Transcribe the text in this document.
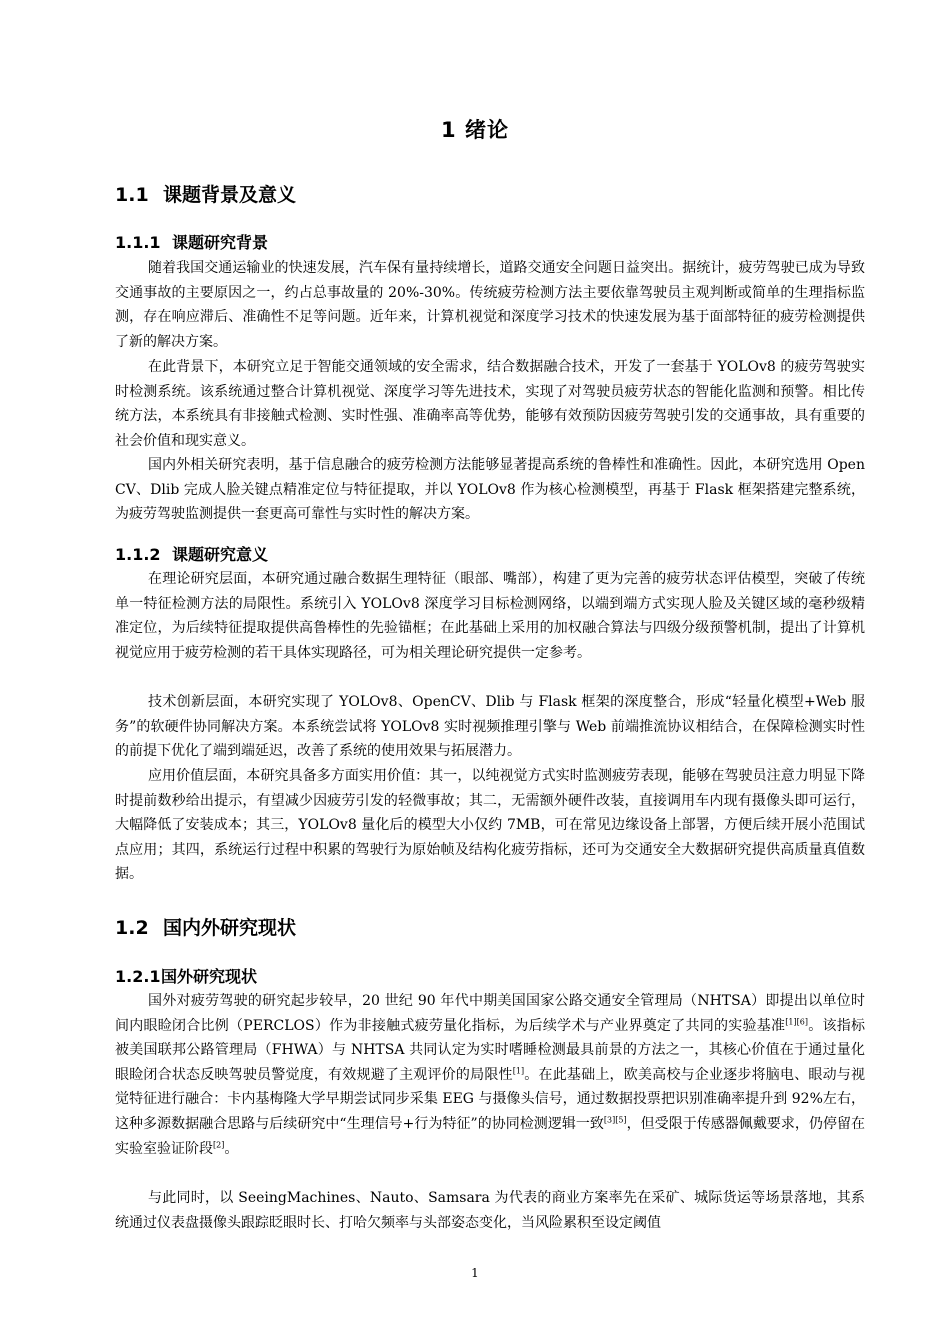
1 绪论
1.1 课题背景及意义
1.1.1 课题研究背景

随着我国交通运输业的快速发展，汽车保有量持续增长，道路交通安全问题日益突出。据统计，疲劳驾驶已成为导致交通事故的主要原因之一，约占总事故量的 20%-30%。传统疲劳检测方法主要依靠驾驶员主观判断或简单的生理指标监测，存在响应滞后、准确性不足等问题。近年来，计算机视觉和深度学习技术的快速发展为基于面部特征的疲劳检测提供了新的解决方案。

在此背景下，本研究立足于智能交通领域的安全需求，结合数据融合技术，开发了一套基于 YOLOv8 的疲劳驾驶实时检测系统。该系统通过整合计算机视觉、深度学习等先进技术，实现了对驾驶员疲劳状态的智能化监测和预警。相比传统方法，本系统具有非接触式检测、实时性强、准确率高等优势，能够有效预防因疲劳驾驶引发的交通事故，具有重要的社会价值和现实意义。

国内外相关研究表明，基于信息融合的疲劳检测方法能够显著提高系统的鲁棒性和准确性。因此，本研究选用 OpenCV、Dlib 完成人脸关键点精准定位与特征提取，并以 YOLOv8 作为核心检测模型，再基于 Flask 框架搭建完整系统，为疲劳驾驶监测提供一套更高可靠性与实时性的解决方案。

1.1.2 课题研究意义

在理论研究层面，本研究通过融合数据生理特征（眼部、嘴部），构建了更为完善的疲劳状态评估模型，突破了传统单一特征检测方法的局限性。系统引入 YOLOv8 深度学习目标检测网络，以端到端方式实现人脸及关键区域的毫秒级精准定位，为后续特征提取提供高鲁棒性的先验锚框；在此基础上采用的加权融合算法与四级分级预警机制，提出了计算机视觉应用于疲劳检测的若干具体实现路径，可为相关理论研究提供一定参考。

技术创新层面，本研究实现了 YOLOv8、OpenCV、Dlib 与 Flask 框架的深度整合，形成“轻量化模型+Web 服务”的软硬件协同解决方案。本系统尝试将 YOLOv8 实时视频推理引擎与 Web 前端推流协议相结合，在保障检测实时性的前提下优化了端到端延迟，改善了系统的使用效果与拓展潜力。

应用价值层面，本研究具备多方面实用价值：其一，以纯视觉方式实时监测疲劳表现，能够在驾驶员注意力明显下降时提前数秒给出提示，有望减少因疲劳引发的轻微事故；其二，无需额外硬件改装，直接调用车内现有摄像头即可运行，大幅降低了安装成本；其三，YOLOv8 量化后的模型大小仅约 7MB，可在常见边缘设备上部署，方便后续开展小范围试点应用；其四，系统运行过程中积累的驾驶行为原始帧及结构化疲劳指标，还可为交通安全大数据研究提供高质量真值数据。

1.2 国内外研究现状
1.2.1国外研究现状

国外对疲劳驾驶的研究起步较早，20 世纪 90 年代中期美国国家公路交通安全管理局（NHTSA）即提出以单位时间内眼睑闭合比例（PERCLOS）作为非接触式疲劳量化指标，为后续学术与产业界奠定了共同的实验基准[1][6]。该指标被美国联邦公路管理局（FHWA）与 NHTSA 共同认定为实时嗜睡检测最具前景的方法之一，其核心价值在于通过量化眼睑闭合状态反映驾驶员警觉度，有效规避了主观评价的局限性[1]。在此基础上，欧美高校与企业逐步将脑电、眼动与视觉特征进行融合：卡内基梅隆大学早期尝试同步采集 EEG 与摄像头信号，通过数据投票把识别准确率提升到 92%左右，这种多源数据融合思路与后续研究中“生理信号+行为特征”的协同检测逻辑一致[3][5]，但受限于传感器佩戴要求，仍停留在实验室验证阶段[2]。

与此同时，以 SeeingMachines、Nauto、Samsara 为代表的商业方案率先在采矿、城际货运等场景落地，其系统通过仪表盘摄像头跟踪眨眼时长、打哈欠频率与头部姿态变化，当风险累积至设定阈值

1
